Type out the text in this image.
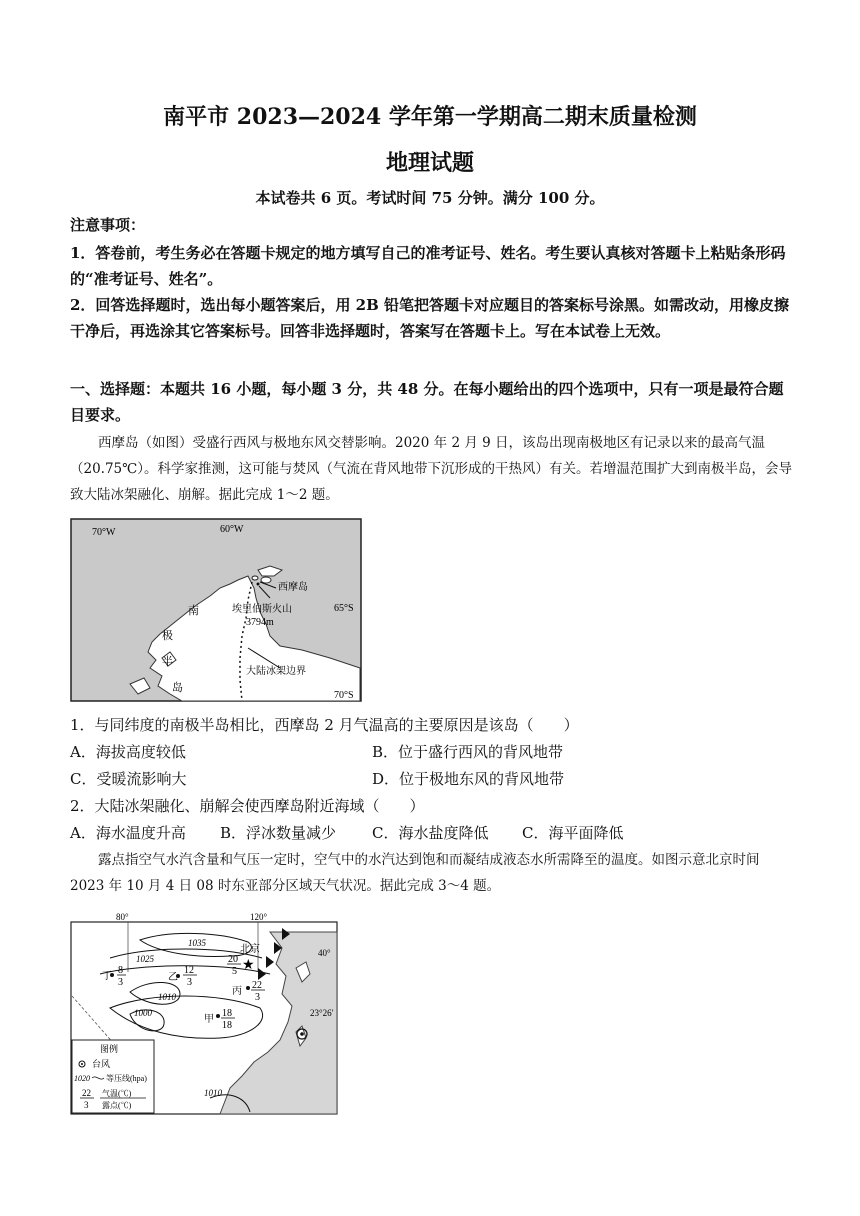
南平市 2023—2024 学年第一学期高二期末质量检测
地理试题
本试卷共 6 页。考试时间 75 分钟。满分 100 分。
注意事项：
1．答卷前，考生务必在答题卡规定的地方填写自己的准考证号、姓名。考生要认真核对答题卡上粘贴条形码的“准考证号、姓名”。
2．回答选择题时，选出每小题答案后，用 2B 铅笔把答题卡对应题目的答案标号涂黑。如需改动，用橡皮擦干净后，再选涂其它答案标号。回答非选择题时，答案写在答题卡上。写在本试卷上无效。
一、选择题：本题共 16 小题，每小题 3 分，共 48 分。在每小题给出的四个选项中，只有一项是最符合题目要求。
西摩岛（如图）受盛行西风与极地东风交替影响。2020 年 2 月 9 日，该岛出现南极地区有记录以来的最高气温（20.75℃）。科学家推测，这可能与焚风（气流在背风地带下沉形成的干热风）有关。若增温范围扩大到南极半岛，会导致大陆冰架融化、崩解。据此完成 1～2 题。
70°W	60°W
65°S
70°S
西摩岛
埃里伯斯火山
3794m
大陆冰架边界
南
极
半
岛
1．与同纬度的南极半岛相比，西摩岛 2 月气温高的主要原因是该岛（　　）
A．海拔高度较低	B．位于盛行西风的背风地带
C．受暖流影响大	D．位于极地东风的背风地带
2．大陆冰架融化、崩解会使西摩岛附近海域（　　）
A．海水温度升高 B．浮冰数量减少 C．海水盐度降低 C．海平面降低
露点指空气水汽含量和气压一定时，空气中的水汽达到饱和而凝结成液态水所需降至的温度。如图示意北京时间 2023 年 10 月 4 日 08 时东亚部分区域天气状况。据此完成 3～4 题。
★
80°	120°
40°
23°26′
北京
20
5
丁
8
3	乙
12
3
丙
22
3
甲
18
18
1035
1025
1010
1000
1010
图例
台风
1020 等压线(hpa)
22
3
气温(℃)
露点(℃)
